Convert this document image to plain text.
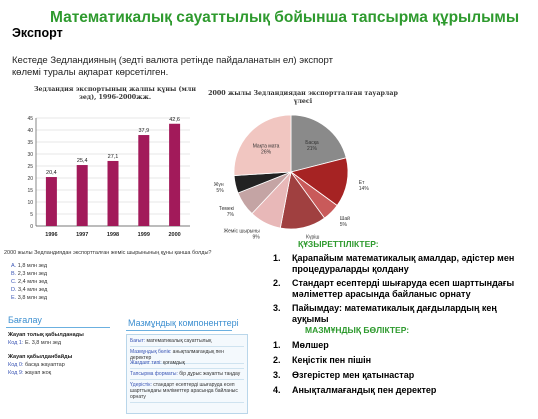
Математикалық сауаттылық бойынша тапсырма құрылымы
Экспорт
Кестеде Зедландияның (зедті валюта ретінде пайдаланатын ел) экспорт көлемі туралы ақпарат көрсетілген.
Зедландия экспортының жалпы құны (млн зед), 1996-2000жж.
0
5
10
15
20
25
30
35
40
45
20,4
1996
25,4
1997
27,1
1998
37,9
1999
42,6
2000
2000 жылы Зедландиядан экспортталған тауарлар үлесі
Басқа
21%
Ет
14%
Шай
5%
Күріш
Жеміс шырыны
9%
Темекі
7%
Жүн
5%
Мақта мата
26%
2000 жылы Зедландиядан экспортталған жеміс шырынының құны қанша болды?
A. 1,8 млн зед
B. 2,3 млн зед
C. 2,4 млн зед
D. 3,4 млн зед
E. 3,8 млн зед
Бағалау
Жауап толық қабылданады
Код 1: Е. 3,8 млн зед
Жауап қабылданбайды
Код 0: басқа жауаптар
Код 9: жауап жоқ
Мазмұндық компоненттері
Бағыт: математикалық сауаттылық
Мазмұндық бөлік: анықталмағандық пен деректер
Жағдаят типі: қоғамдық
Тапсырма форматы: бір дұрыс жауапты таңдау
Үдерістік: стандарт есептерді шығаруда есеп шарттындағы мәліметтер арасында байланыс орнату
ҚҰЗЫРЕТТІЛІКТЕР:
1. Қарапайым математикалық амалдар, әдістер мен процедураларды қолдану
2. Стандарт есептерді шығаруда есеп шарттындағы мәліметтер арасында байланыс орнату
3. Пайымдау: математикалық дағдылардың кең ауқымы
МАЗМҰНДЫҚ БӨЛІКТЕР:
1. Мөлшер
2. Кеңістік пен пішін
3. Өзгерістер мен қатынастар
4. Анықталмағандық пен деректер
